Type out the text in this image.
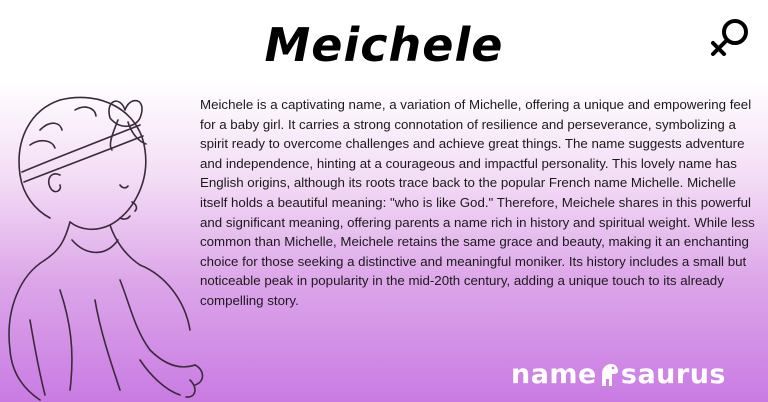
Meichele
Meichele is a captivating name, a variation of Michelle, offering a unique and empowering feel for a baby girl. It carries a strong connotation of resilience and perseverance, symbolizing a spirit ready to overcome challenges and achieve great things. The name suggests adventure and independence, hinting at a courageous and impactful personality. This lovely name has English origins, although its roots trace back to the popular French name Michelle. Michelle itself holds a beautiful meaning: "who is like God." Therefore, Meichele shares in this powerful and significant meaning, offering parents a name rich in history and spiritual weight. While less common than Michelle, Meichele retains the same grace and beauty, making it an enchanting choice for those seeking a distinctive and meaningful moniker. Its history includes a small but noticeable peak in popularity in the mid-20th century, adding a unique touch to its already compelling story.
name saurus
